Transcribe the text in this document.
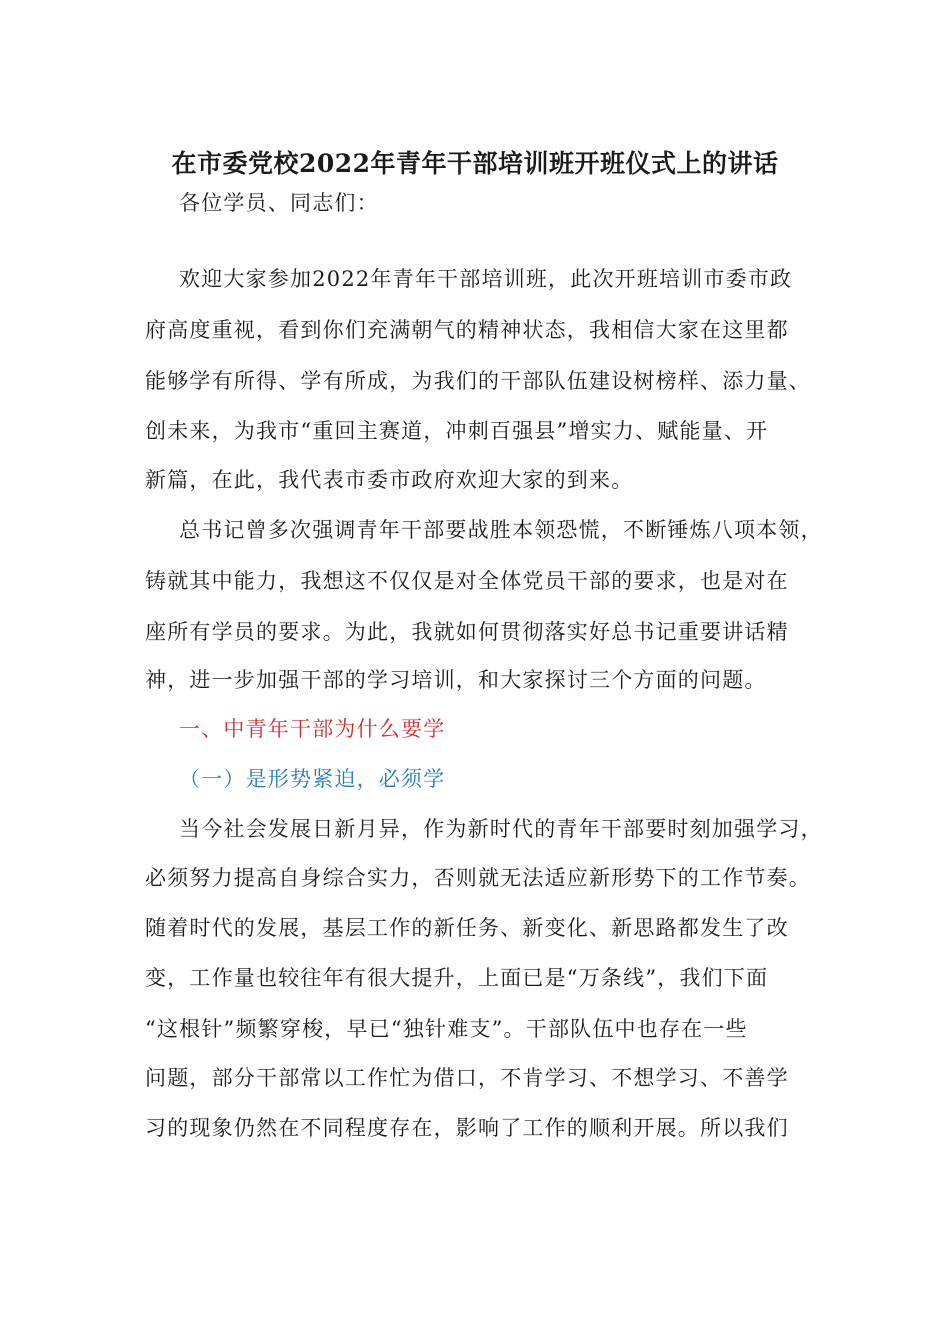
在市委党校2022年青年干部培训班开班仪式上的讲话
各位学员、同志们：
欢迎大家参加2022年青年干部培训班，此次开班培训市委市政
府高度重视，看到你们充满朝气的精神状态，我相信大家在这里都
能够学有所得、学有所成，为我们的干部队伍建设树榜样、添力量、
创未来，为我市“重回主赛道，冲刺百强县”增实力、赋能量、开
新篇，在此，我代表市委市政府欢迎大家的到来。
总书记曾多次强调青年干部要战胜本领恐慌，不断锤炼八项本领，
铸就其中能力，我想这不仅仅是对全体党员干部的要求，也是对在
座所有学员的要求。为此，我就如何贯彻落实好总书记重要讲话精
神，进一步加强干部的学习培训，和大家探讨三个方面的问题。
一、中青年干部为什么要学
（一）是形势紧迫，必须学
当今社会发展日新月异，作为新时代的青年干部要时刻加强学习，
必须努力提高自身综合实力，否则就无法适应新形势下的工作节奏。
随着时代的发展，基层工作的新任务、新变化、新思路都发生了改
变，工作量也较往年有很大提升，上面已是“万条线”，我们下面
“这根针”频繁穿梭，早已“独针难支”。干部队伍中也存在一些
问题，部分干部常以工作忙为借口，不肯学习、不想学习、不善学
习的现象仍然在不同程度存在，影响了工作的顺利开展。所以我们
